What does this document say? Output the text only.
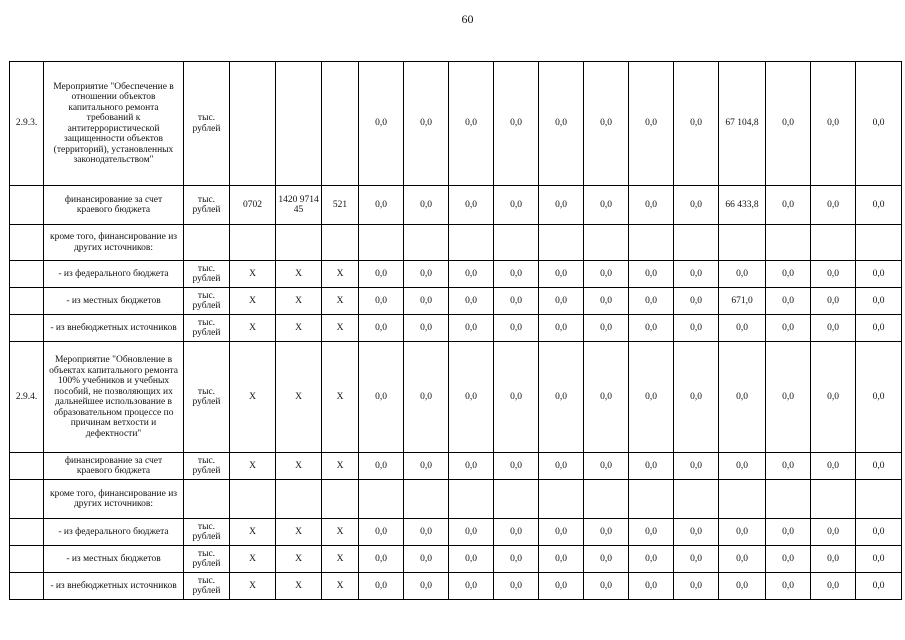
60
2.9.3.	Мероприятие "Обеспечение в отношении объектов капитального ремонта требований к антитеррористической защищенности объектов (территорий), установленных законодательством"	тыс. рублей				0,0	0,0	0,0	0,0	0,0	0,0	0,0	0,0	67 104,8	0,0	0,0	0,0
	финансирование за счет краевого бюджета	тыс. рублей	0702	1420 9714 45	521	0,0	0,0	0,0	0,0	0,0	0,0	0,0	0,0	66 433,8	0,0	0,0	0,0
	кроме того, финансирование из других источников:																
	- из федерального бюджета	тыс. рублей	X	X	X	0,0	0,0	0,0	0,0	0,0	0,0	0,0	0,0	0,0	0,0	0,0	0,0
	- из местных бюджетов	тыс. рублей	X	X	X	0,0	0,0	0,0	0,0	0,0	0,0	0,0	0,0	671,0	0,0	0,0	0,0
	- из внебюджетных источников	тыс. рублей	X	X	X	0,0	0,0	0,0	0,0	0,0	0,0	0,0	0,0	0,0	0,0	0,0	0,0
2.9.4.	Мероприятие "Обновление в объектах капитального ремонта 100% учебников и учебных пособий, не позволяющих их дальнейшее использование в образовательном процессе по причинам ветхости и дефектности"	тыс. рублей	X	X	X	0,0	0,0	0,0	0,0	0,0	0,0	0,0	0,0	0,0	0,0	0,0	0,0
	финансирование за счет краевого бюджета	тыс. рублей	X	X	X	0,0	0,0	0,0	0,0	0,0	0,0	0,0	0,0	0,0	0,0	0,0	0,0
	кроме того, финансирование из других источников:																
	- из федерального бюджета	тыс. рублей	X	X	X	0,0	0,0	0,0	0,0	0,0	0,0	0,0	0,0	0,0	0,0	0,0	0,0
	- из местных бюджетов	тыс. рублей	X	X	X	0,0	0,0	0,0	0,0	0,0	0,0	0,0	0,0	0,0	0,0	0,0	0,0
	- из внебюджетных источников	тыс. рублей	X	X	X	0,0	0,0	0,0	0,0	0,0	0,0	0,0	0,0	0,0	0,0	0,0	0,0
